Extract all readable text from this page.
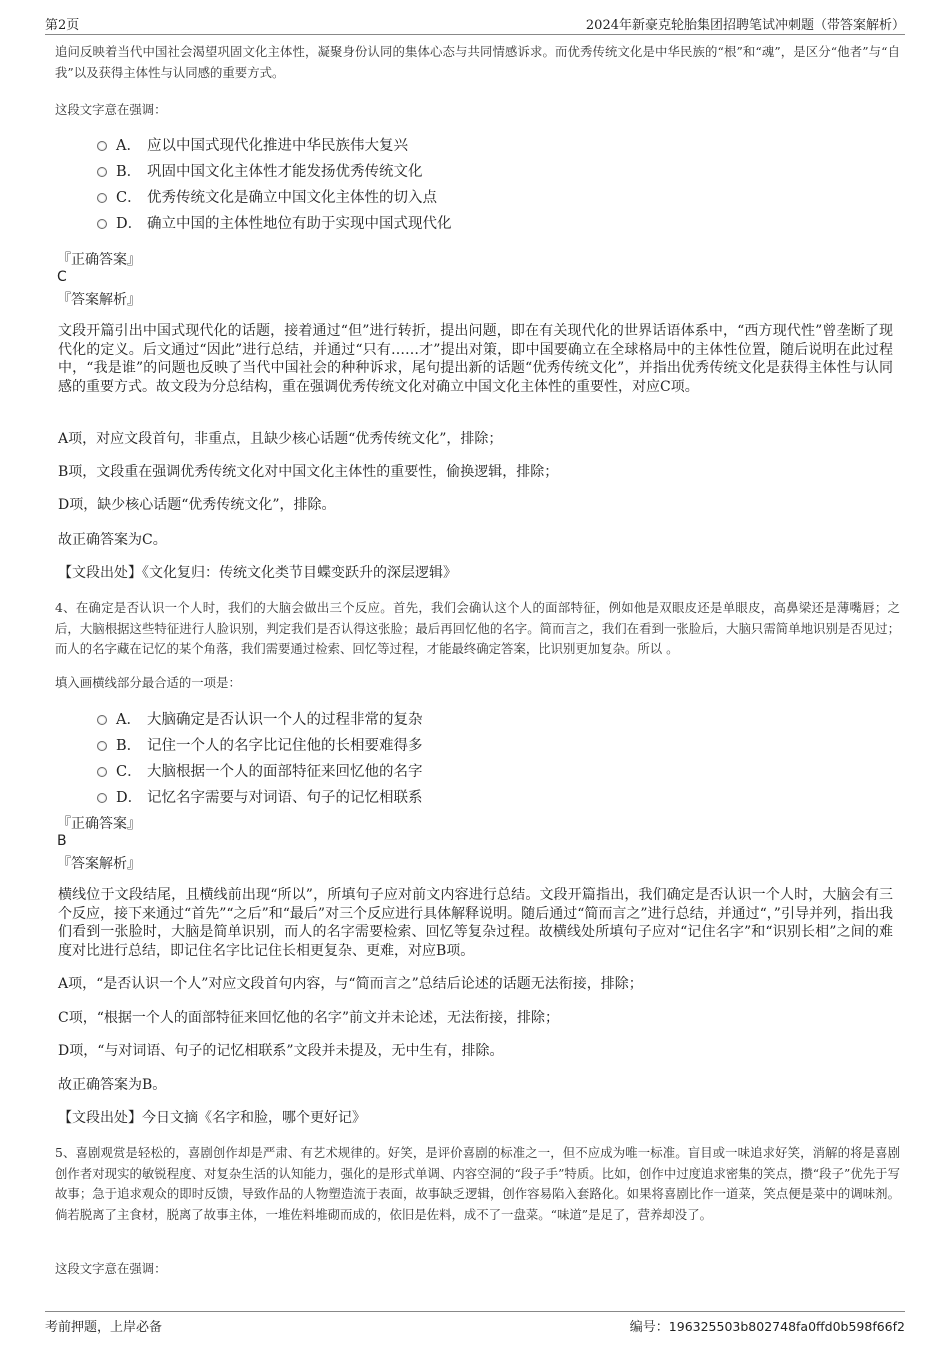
第2页	2024年新豪克轮胎集团招聘笔试冲刺题（带答案解析）
追问反映着当代中国社会渴望巩固文化主体性，凝聚身份认同的集体心态与共同情感诉求。而优秀传统文化是中华民族的“根”和“魂”，是区分“他者”与“自我”以及获得主体性与认同感的重要方式。
这段文字意在强调：
A． 应以中国式现代化推进中华民族伟大复兴
B． 巩固中国文化主体性才能发扬优秀传统文化
C． 优秀传统文化是确立中国文化主体性的切入点
D． 确立中国的主体性地位有助于实现中国式现代化
『正确答案』
C
『答案解析』
文段开篇引出中国式现代化的话题，接着通过“但”进行转折，提出问题，即在有关现代化的世界话语体系中，“西方现代性”曾垄断了现代化的定义。后文通过“因此”进行总结，并通过“只有……才”提出对策，即中国要确立在全球格局中的主体性位置，随后说明在此过程中，“我是谁”的问题也反映了当代中国社会的种种诉求，尾句提出新的话题“优秀传统文化”，并指出优秀传统文化是获得主体性与认同感的重要方式。故文段为分总结构，重在强调优秀传统文化对确立中国文化主体性的重要性，对应C项。
A项，对应文段首句，非重点，且缺少核心话题“优秀传统文化”，排除；
B项，文段重在强调优秀传统文化对中国文化主体性的重要性，偷换逻辑，排除；
D项，缺少核心话题“优秀传统文化”，排除。
故正确答案为C。
【文段出处】《文化复归：传统文化类节目蝶变跃升的深层逻辑》
4、在确定是否认识一个人时，我们的大脑会做出三个反应。首先，我们会确认这个人的面部特征，例如他是双眼皮还是单眼皮，高鼻梁还是薄嘴唇；之后，大脑根据这些特征进行人脸识别，判定我们是否认得这张脸；最后再回忆他的名字。简而言之，我们在看到一张脸后，大脑只需简单地识别是否见过；而人的名字藏在记忆的某个角落，我们需要通过检索、回忆等过程，才能最终确定答案，比识别更加复杂。所以 。
填入画横线部分最合适的一项是：
A． 大脑确定是否认识一个人的过程非常的复杂
B． 记住一个人的名字比记住他的长相要难得多
C． 大脑根据一个人的面部特征来回忆他的名字
D． 记忆名字需要与对词语、句子的记忆相联系
『正确答案』
B
『答案解析』
横线位于文段结尾，且横线前出现“所以”，所填句子应对前文内容进行总结。文段开篇指出，我们确定是否认识一个人时，大脑会有三个反应，接下来通过“首先”“之后”和“最后”对三个反应进行具体解释说明。随后通过“简而言之”进行总结，并通过“，”引导并列，指出我们看到一张脸时，大脑是简单识别，而人的名字需要检索、回忆等复杂过程。故横线处所填句子应对“记住名字”和“识别长相”之间的难度对比进行总结，即记住名字比记住长相更复杂、更难，对应B项。
A项，“是否认识一个人”对应文段首句内容，与“简而言之”总结后论述的话题无法衔接，排除；
C项，“根据一个人的面部特征来回忆他的名字”前文并未论述，无法衔接，排除；
D项，“与对词语、句子的记忆相联系”文段并未提及，无中生有，排除。
故正确答案为B。
【文段出处】今日文摘《名字和脸，哪个更好记》
5、喜剧观赏是轻松的，喜剧创作却是严肃、有艺术规律的。好笑，是评价喜剧的标准之一，但不应成为唯一标准。盲目或一味追求好笑，消解的将是喜剧创作者对现实的敏锐程度、对复杂生活的认知能力，强化的是形式单调、内容空洞的“段子手”特质。比如，创作中过度追求密集的笑点，攒“段子”优先于写故事；急于追求观众的即时反馈，导致作品的人物塑造流于表面，故事缺乏逻辑，创作容易陷入套路化。如果将喜剧比作一道菜，笑点便是菜中的调味剂。倘若脱离了主食材，脱离了故事主体，一堆佐料堆砌而成的，依旧是佐料，成不了一盘菜。“味道”是足了，营养却没了。
这段文字意在强调：
考前押题，上岸必备	编号：196325503b802748fa0ffd0b598f66f2
